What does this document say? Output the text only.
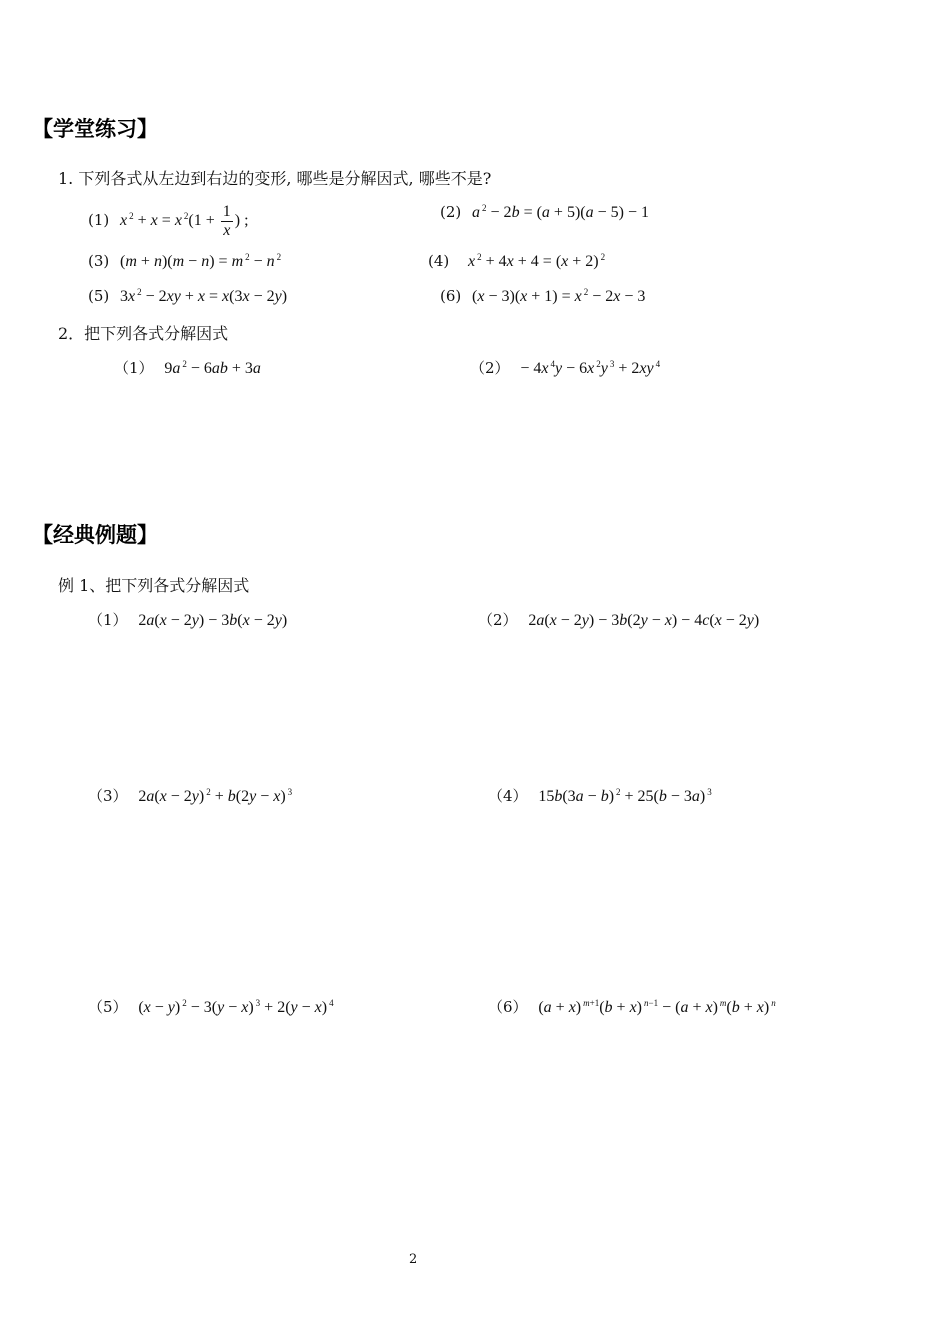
【学堂练习】
1. 下列各式从左边到右边的变形, 哪些是分解因式, 哪些不是?
(1) x $^2$ + x = x $^2(1 + \frac{1}{x}$ ) ;	(2) a $^2$ − 2b = (a + 5)(a − 5) − 1
(3) (m + n)(m − n) = m $^2$ − n $^2$	(4) x $^2$ + 4x + 4 = (x + 2) $^2$
(5) 3x $^2$ − 2xy + x = x(3x − 2y)	(6) (x − 3)(x + 1) = x $^2$ − 2x − 3
2．把下列各式分解因式
（1） 9a $^2$ − 6ab + 3a	（2） − 4x $^4$y − 6x $^2$y $^3$ + 2xy $^4$
【经典例题】
例 1、把下列各式分解因式
（1） 2a(x − 2y) − 3b(x − 2y)	（2） 2a(x − 2y) − 3b(2y − x) − 4c(x − 2y)
（3） 2a(x − 2y) $^2$ + b(2y − x) $^3$	（4） 15b(3a − b) $^2$ + 25(b − 3a) $^3$
（5） (x − y) $^2$ − 3(y − x) $^3$ + 2(y − x) $^4$	（6） (a + x) $^{m+1}$(b + x) $^{n-1}$ − (a + x) $^m$(b + x) $^n$
2
